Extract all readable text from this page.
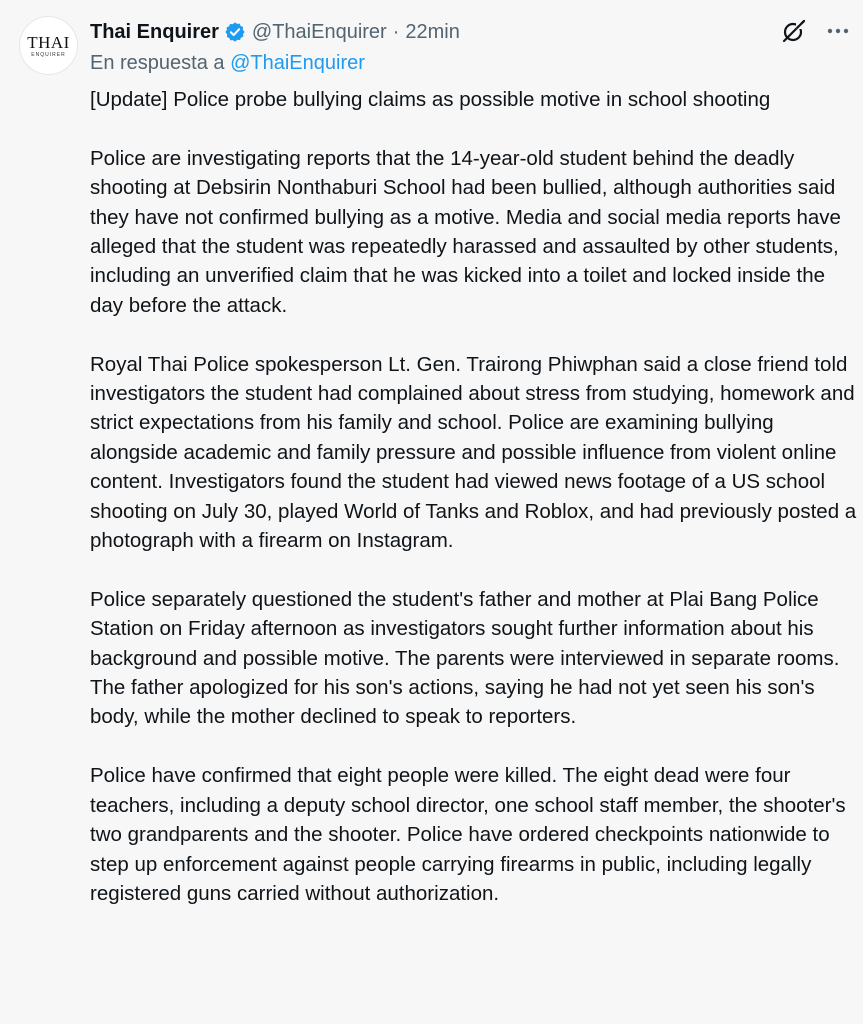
THAI
ENQUIRER
Thai Enquirer @ThaiEnquirer · 22min
En respuesta a @ThaiEnquirer

[Update] Police probe bullying claims as possible motive in school shooting

Police are investigating reports that the 14-year-old student behind the deadly shooting at Debsirin Nonthaburi School had been bullied, although authorities said they have not confirmed bullying as a motive. Media and social media reports have alleged that the student was repeatedly harassed and assaulted by other students, including an unverified claim that he was kicked into a toilet and locked inside the day before the attack.

Royal Thai Police spokesperson Lt. Gen. Trairong Phiwphan said a close friend told investigators the student had complained about stress from studying, homework and strict expectations from his family and school. Police are examining bullying alongside academic and family pressure and possible influence from violent online content. Investigators found the student had viewed news footage of a US school shooting on July 30, played World of Tanks and Roblox, and had previously posted a photograph with a firearm on Instagram.

Police separately questioned the student's father and mother at Plai Bang Police Station on Friday afternoon as investigators sought further information about his background and possible motive. The parents were interviewed in separate rooms. The father apologized for his son's actions, saying he had not yet seen his son's body, while the mother declined to speak to reporters.

Police have confirmed that eight people were killed. The eight dead were four teachers, including a deputy school director, one school staff member, the shooter's two grandparents and the shooter. Police have ordered checkpoints nationwide to step up enforcement against people carrying firearms in public, including legally registered guns carried without authorization.
